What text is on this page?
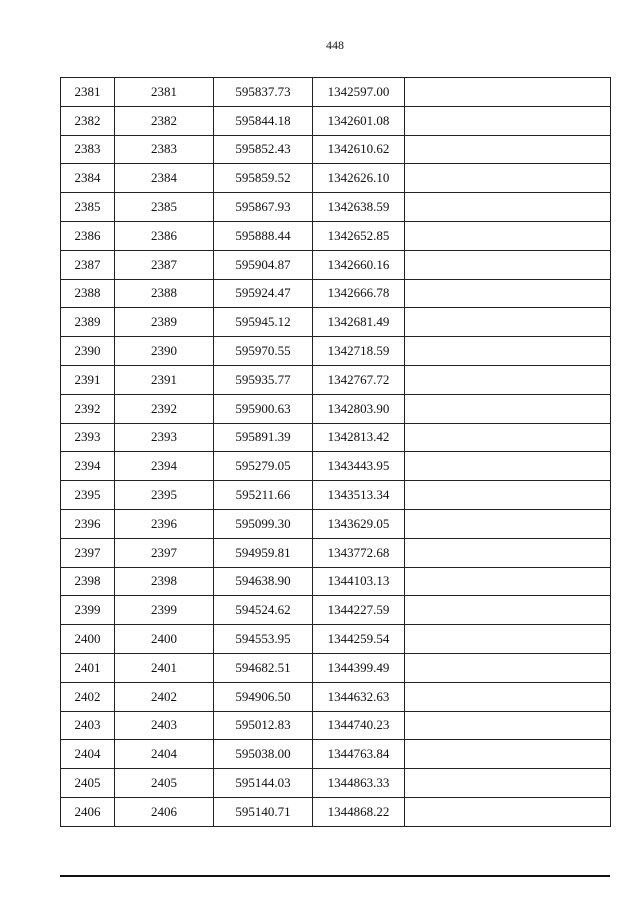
448
2381	2381	595837.73	1342597.00	
2382	2382	595844.18	1342601.08	
2383	2383	595852.43	1342610.62	
2384	2384	595859.52	1342626.10	
2385	2385	595867.93	1342638.59	
2386	2386	595888.44	1342652.85	
2387	2387	595904.87	1342660.16	
2388	2388	595924.47	1342666.78	
2389	2389	595945.12	1342681.49	
2390	2390	595970.55	1342718.59	
2391	2391	595935.77	1342767.72	
2392	2392	595900.63	1342803.90	
2393	2393	595891.39	1342813.42	
2394	2394	595279.05	1343443.95	
2395	2395	595211.66	1343513.34	
2396	2396	595099.30	1343629.05	
2397	2397	594959.81	1343772.68	
2398	2398	594638.90	1344103.13	
2399	2399	594524.62	1344227.59	
2400	2400	594553.95	1344259.54	
2401	2401	594682.51	1344399.49	
2402	2402	594906.50	1344632.63	
2403	2403	595012.83	1344740.23	
2404	2404	595038.00	1344763.84	
2405	2405	595144.03	1344863.33	
2406	2406	595140.71	1344868.22	
